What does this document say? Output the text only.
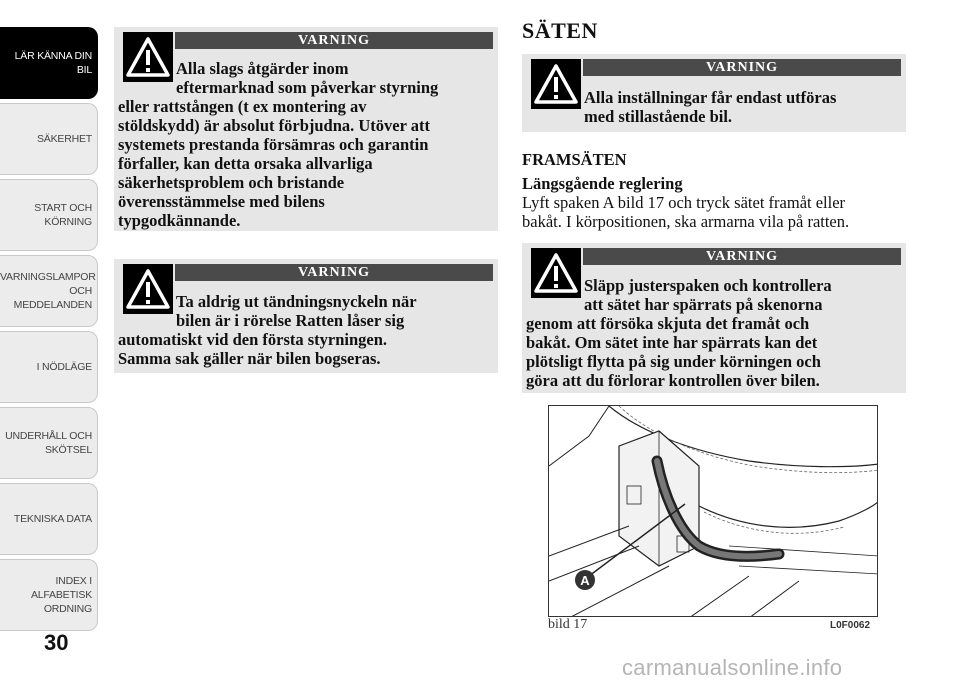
LÄR KÄNNA DIN
BIL
SÄKERHET
START OCH
KÖRNING
VARNINGSLAMPOR
OCH
MEDDELANDEN
I NÖDLÄGE
UNDERHÅLL OCH
SKÖTSEL
TEKNISKA DATA
INDEX I
ALFABETISK
ORDNING
30
VARNING
Alla slags åtgärder inom
eftermarknad som påverkar styrning
eller rattstången (t ex montering av
stöldskydd) är absolut förbjudna. Utöver att
systemets prestanda försämras och garantin
förfaller, kan detta orsaka allvarliga
säkerhetsproblem och bristande
överensstämmelse med bilens
typgodkännande.
VARNING
Ta aldrig ut tändningsnyckeln när
bilen är i rörelse Ratten låser sig
automatiskt vid den första styrningen.
Samma sak gäller när bilen bogseras.
SÄTEN
VARNING
Alla inställningar får endast utföras
med stillastående bil.
FRAMSÄTEN
Längsgående reglering
Lyft spaken A bild 17 och tryck sätet framåt eller
bakåt. I körpositionen, ska armarna vila på ratten.
VARNING
Släpp justerspaken och kontrollera
att sätet har spärrats på skenorna
genom att försöka skjuta det framåt och
bakåt. Om sätet inte har spärrats kan det
plötsligt flytta på sig under körningen och
göra att du förlorar kontrollen över bilen.
A
bild 17	L0F0062
carmanualsonline.info
